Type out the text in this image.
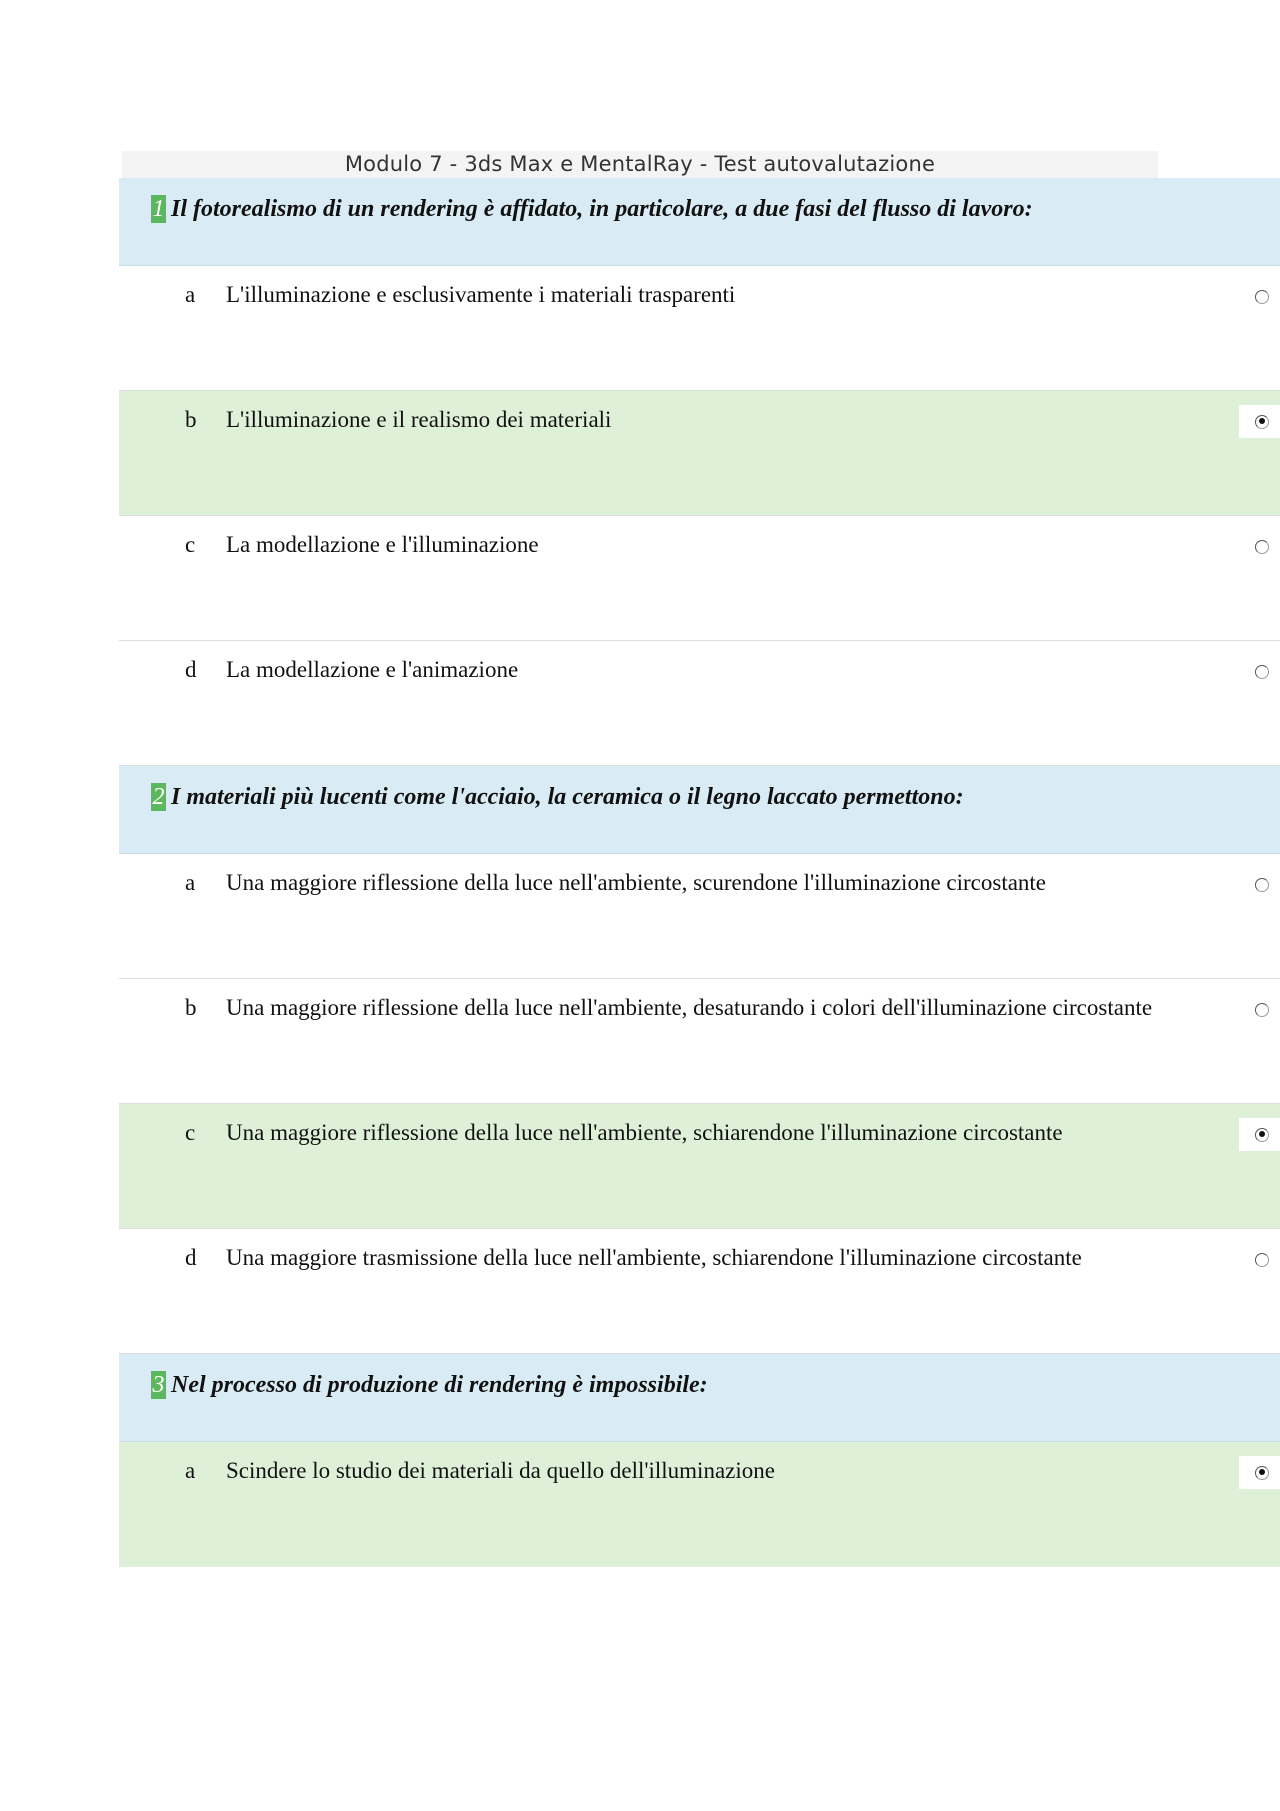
Modulo 7 - 3ds Max e MentalRay - Test autovalutazione
1 Il fotorealismo di un rendering è affidato, in particolare, a due fasi del flusso di lavoro:
a L'illuminazione e esclusivamente i materiali trasparenti
b L'illuminazione e il realismo dei materiali
c La modellazione e l'illuminazione
d La modellazione e l'animazione
2 I materiali più lucenti come l'acciaio, la ceramica o il legno laccato permettono:
a Una maggiore riflessione della luce nell'ambiente, scurendone l'illuminazione circostante
b Una maggiore riflessione della luce nell'ambiente, desaturando i colori dell'illuminazione circostante
c Una maggiore riflessione della luce nell'ambiente, schiarendone l'illuminazione circostante
d Una maggiore trasmissione della luce nell'ambiente, schiarendone l'illuminazione circostante
3 Nel processo di produzione di rendering è impossibile:
a Scindere lo studio dei materiali da quello dell'illuminazione
